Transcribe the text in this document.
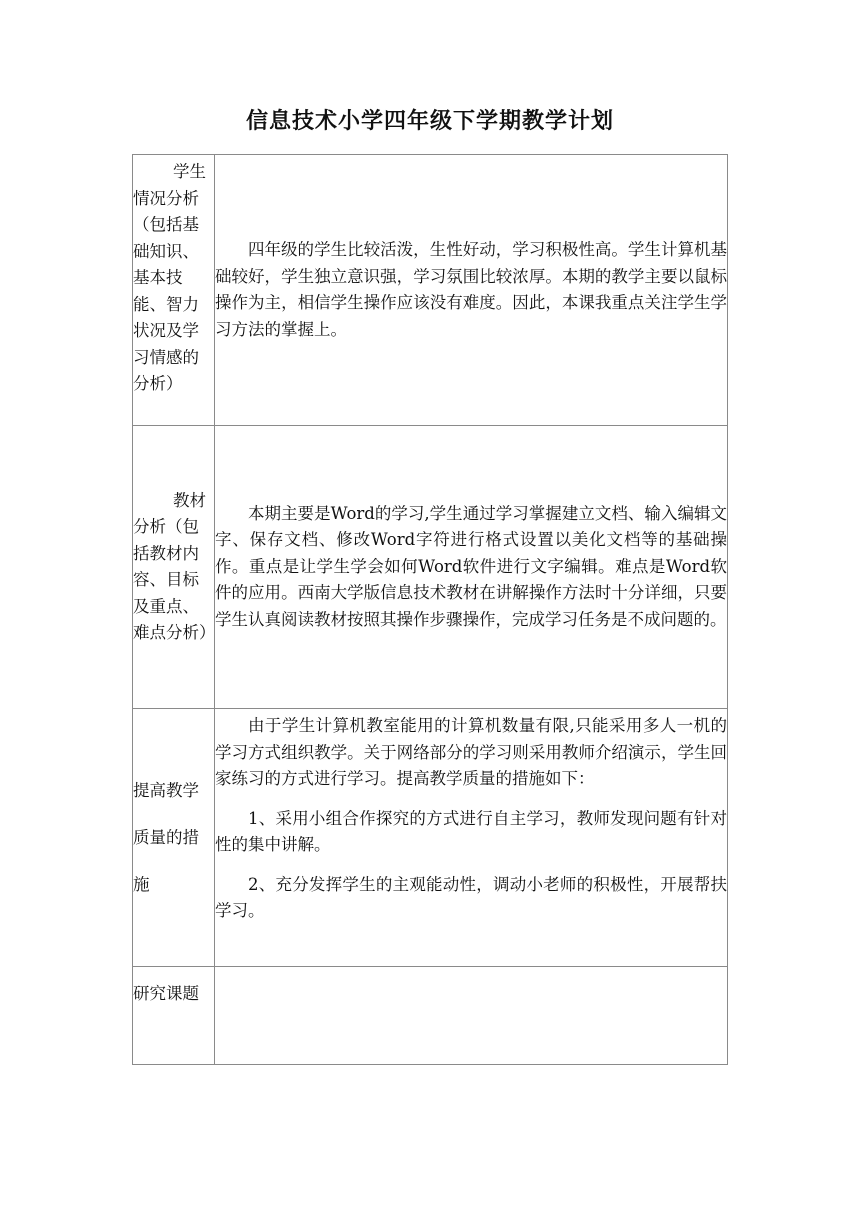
信息技术小学四年级下学期教学计划
学生情况分析（包括基础知识、基本技能、智力状况及学习情感的分析）	四年级的学生比较活泼，生性好动，学习积极性高。学生计算机基础较好，学生独立意识强，学习氛围比较浓厚。本期的教学主要以鼠标操作为主，相信学生操作应该没有难度。因此，本课我重点关注学生学习方法的掌握上。

教材分析（包括教材内容、目标及重点、难点分析）	本期主要是Word的学习,学生通过学习掌握建立文档、输入编辑文字、保存文档、修改Word字符进行格式设置以美化文档等的基础操作。重点是让学生学会如何Word软件进行文字编辑。难点是Word软件的应用。西南大学版信息技术教材在讲解操作方法时十分详细，只要学生认真阅读教材按照其操作步骤操作，完成学习任务是不成问题的。

提高教学质量的措施	由于学生计算机教室能用的计算机数量有限,只能采用多人一机的学习方式组织教学。关于网络部分的学习则采用教师介绍演示，学生回家练习的方式进行学习。提高教学质量的措施如下：

1、采用小组合作探究的方式进行自主学习，教师发现问题有针对性的集中讲解。

2、充分发挥学生的主观能动性，调动小老师的积极性，开展帮扶学习。

研究课题	
